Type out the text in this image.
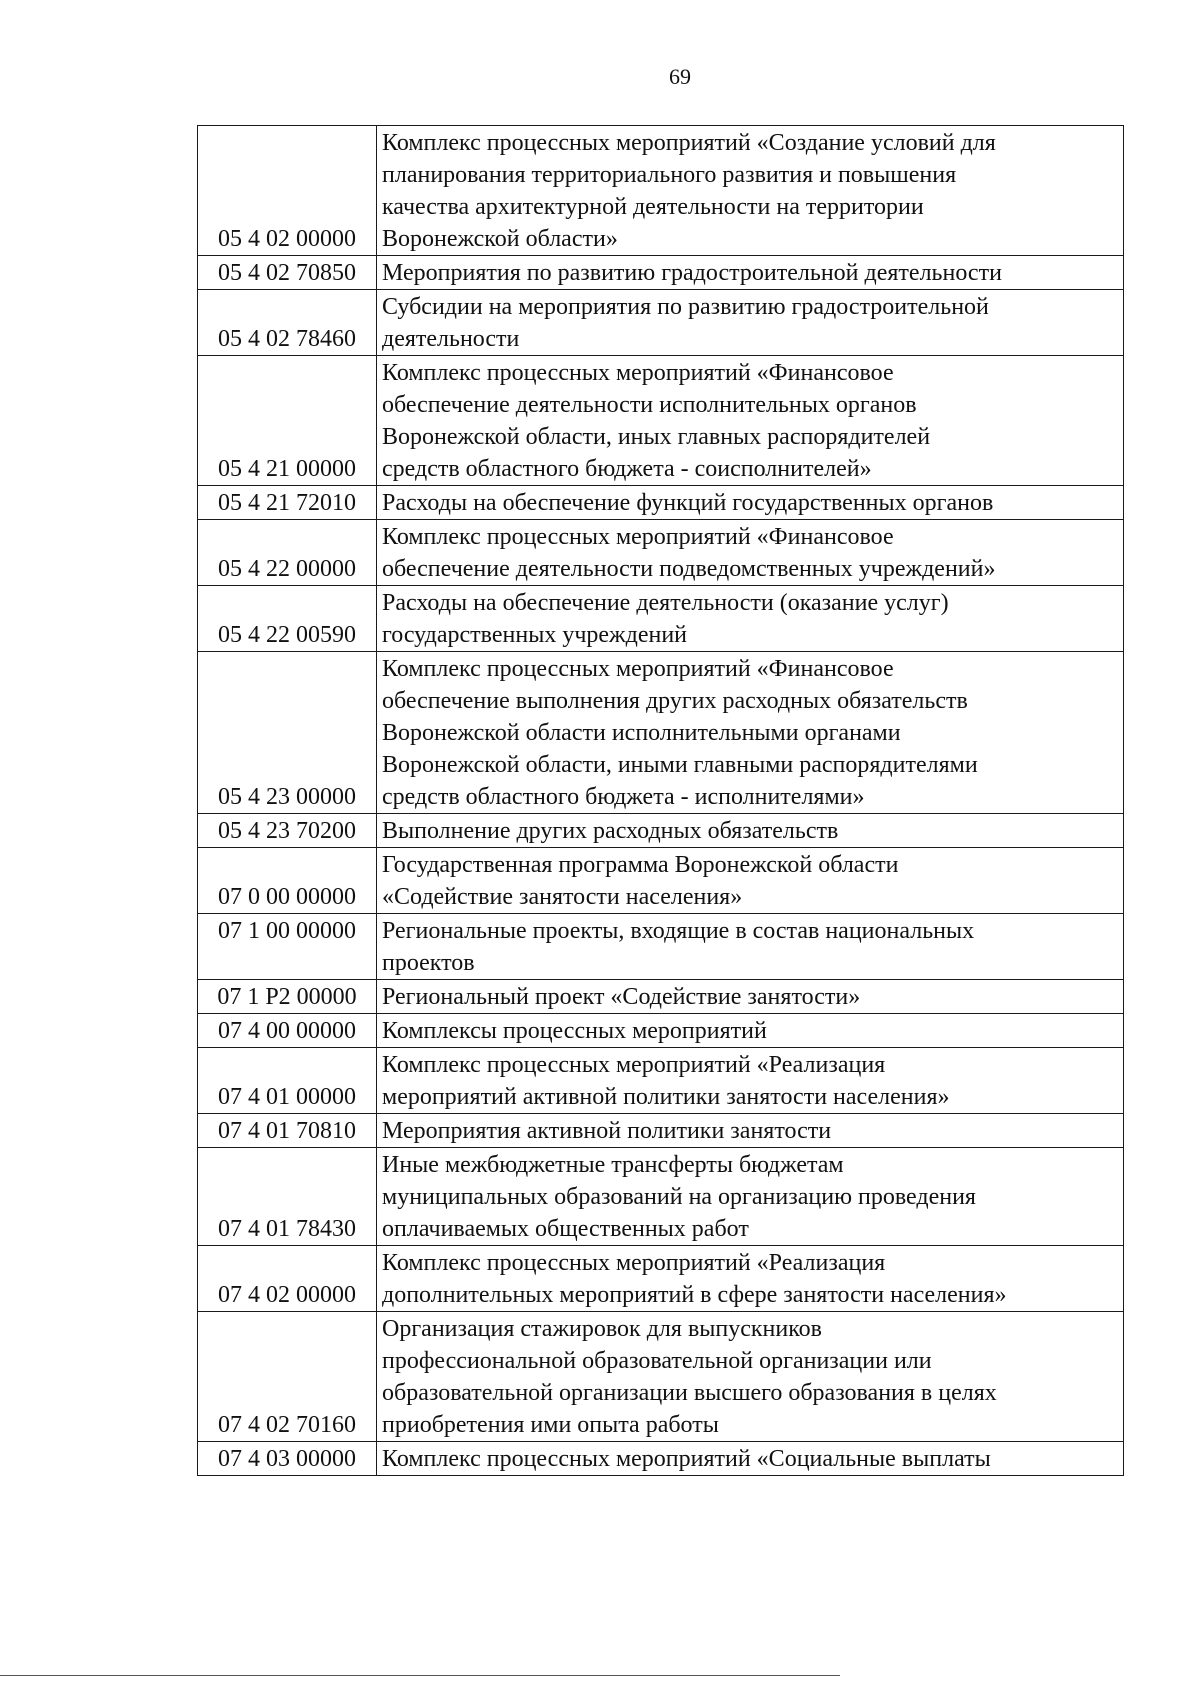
69
05 4 02 00000	Комплекс процессных мероприятий «Создание условий для
планирования территориального развития и повышения
качества архитектурной деятельности на территории
Воронежской области»

05 4 02 70850	Мероприятия по развитию градостроительной деятельности

05 4 02 78460	Субсидии на мероприятия по развитию градостроительной
деятельности

05 4 21 00000	Комплекс процессных мероприятий «Финансовое
обеспечение деятельности исполнительных органов
Воронежской области, иных главных распорядителей
средств областного бюджета - соисполнителей»

05 4 21 72010	Расходы на обеспечение функций государственных органов

05 4 22 00000	Комплекс процессных мероприятий «Финансовое
обеспечение деятельности подведомственных учреждений»

05 4 22 00590	Расходы на обеспечение деятельности (оказание услуг)
государственных учреждений

05 4 23 00000	Комплекс процессных мероприятий «Финансовое
обеспечение выполнения других расходных обязательств
Воронежской области исполнительными органами
Воронежской области, иными главными распорядителями
средств областного бюджета - исполнителями»

05 4 23 70200	Выполнение других расходных обязательств

07 0 00 00000	Государственная программа Воронежской области
«Содействие занятости населения»

07 1 00 00000	Региональные проекты, входящие в состав национальных
проектов

07 1 Р2 00000	Региональный проект «Содействие занятости»

07 4 00 00000	Комплексы процессных мероприятий

07 4 01 00000	Комплекс процессных мероприятий «Реализация
мероприятий активной политики занятости населения»

07 4 01 70810	Мероприятия активной политики занятости

07 4 01 78430	Иные межбюджетные трансферты бюджетам
муниципальных образований на организацию проведения
оплачиваемых общественных работ

07 4 02 00000	Комплекс процессных мероприятий «Реализация
дополнительных мероприятий в сфере занятости населения»

07 4 02 70160	Организация стажировок для выпускников
профессиональной образовательной организации или
образовательной организации высшего образования в целях
приобретения ими опыта работы

07 4 03 00000	Комплекс процессных мероприятий «Социальные выплаты
